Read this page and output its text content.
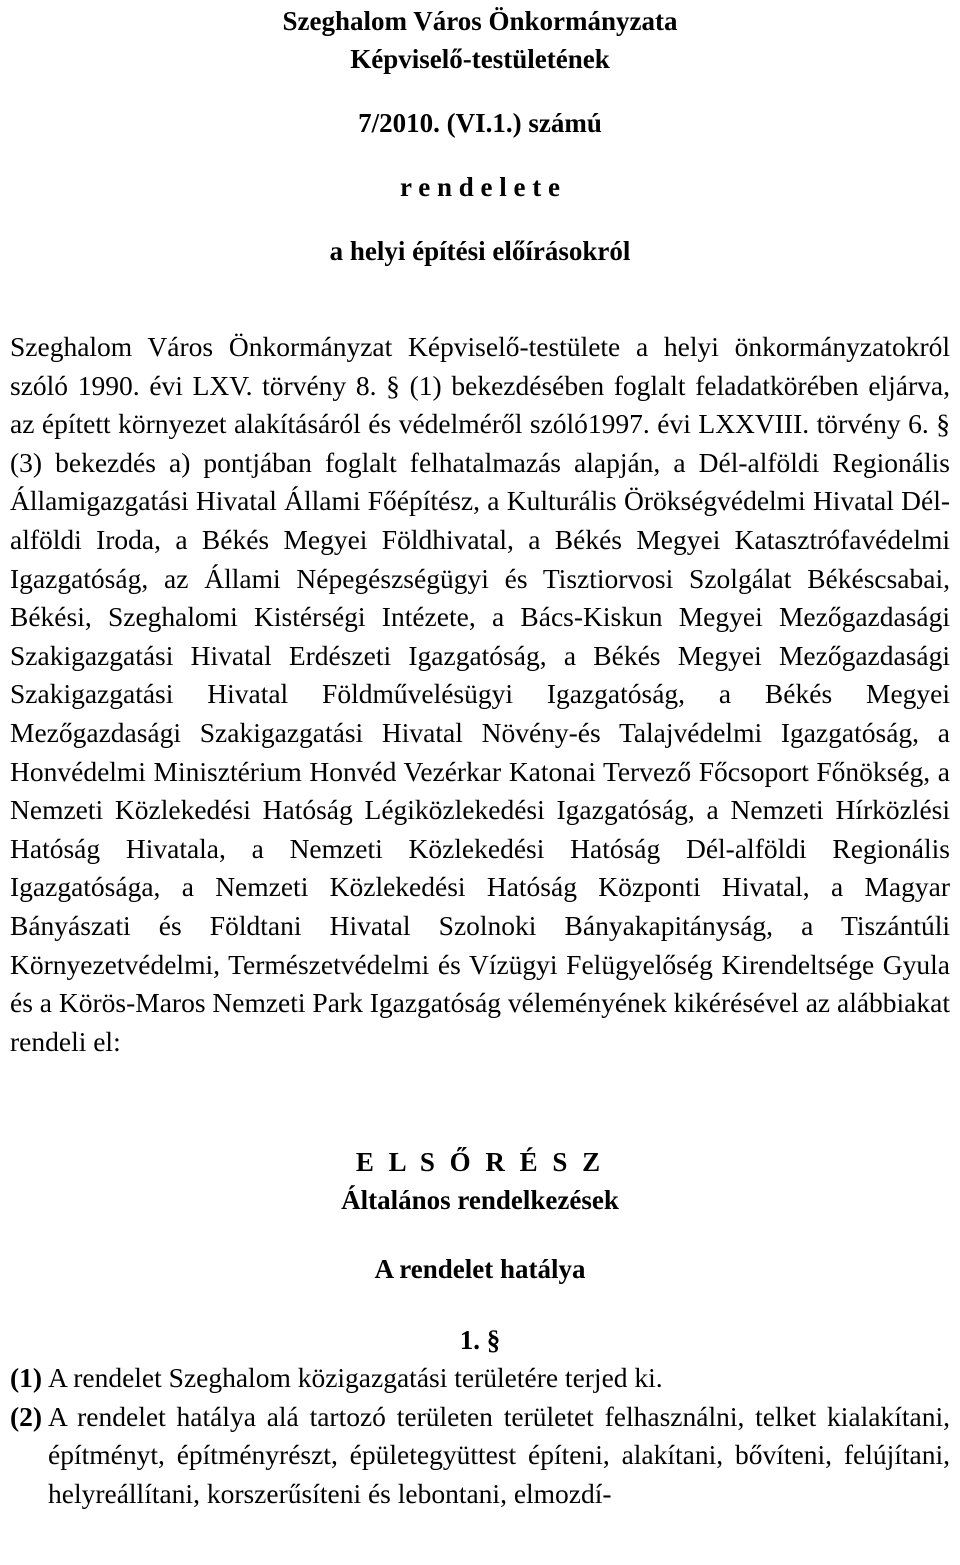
Szeghalom Város Önkormányzata

Képviselő-testületének

7/2010. (VI.1.) számú

r e n d e l e t e

a helyi építési előírásokról

Szeghalom Város Önkormányzat Képviselő-testülete a helyi önkormányzatokról szóló 1990. évi LXV. törvény 8. § (1) bekezdésében foglalt feladatkörében eljárva, az épített környezet alakításáról és védelméről szóló1997. évi LXXVIII. törvény 6. § (3) bekezdés a) pontjában foglalt felhatalmazás alapján, a Dél-alföldi Regionális Államigazgatási Hivatal Állami Főépítész, a Kulturális Örökségvédelmi Hivatal Dél-alföldi Iroda, a Békés Megyei Földhivatal, a Békés Megyei Katasztrófavédelmi Igazgatóság, az Állami Népegészségügyi és Tisztiorvosi Szolgálat Békéscsabai, Békési, Szeghalomi Kistérségi Intézete, a Bács-Kiskun Megyei Mezőgazdasági Szakigazgatási Hivatal Erdészeti Igazgatóság, a Békés Megyei Mezőgazdasági Szakigazgatási Hivatal Földművelésügyi Igazgatóság, a Békés Megyei Mezőgazdasági Szakigazgatási Hivatal Növény-és Talajvédelmi Igazgatóság, a Honvédelmi Minisztérium Honvéd Vezérkar Katonai Tervező Főcsoport Főnökség, a Nemzeti Közlekedési Hatóság Légiközlekedési Igazgatóság, a Nemzeti Hírközlési Hatóság Hivatala, a Nemzeti Közlekedési Hatóság Dél-alföldi Regionális Igazgatósága, a Nemzeti Közlekedési Hatóság Központi Hivatal, a Magyar Bányászati és Földtani Hivatal Szolnoki Bányakapitányság, a Tiszántúli Környezetvédelmi, Természetvédelmi és Vízügyi Felügyelőség Kirendeltsége Gyula és a Körös-Maros Nemzeti Park Igazgatóság véleményének kikérésével az alábbiakat rendeli el:

E L S Ő R É S Z

Általános rendelkezések

A rendelet hatálya

1. §

(1) A rendelet Szeghalom közigazgatási területére terjed ki.

(2) A rendelet hatálya alá tartozó területen területet felhasználni, telket kialakítani, építményt, építményrészt, épületegyüttest építeni, alakítani, bővíteni, felújítani, helyreállítani, korszerűsíteni és lebontani, elmozdí-
